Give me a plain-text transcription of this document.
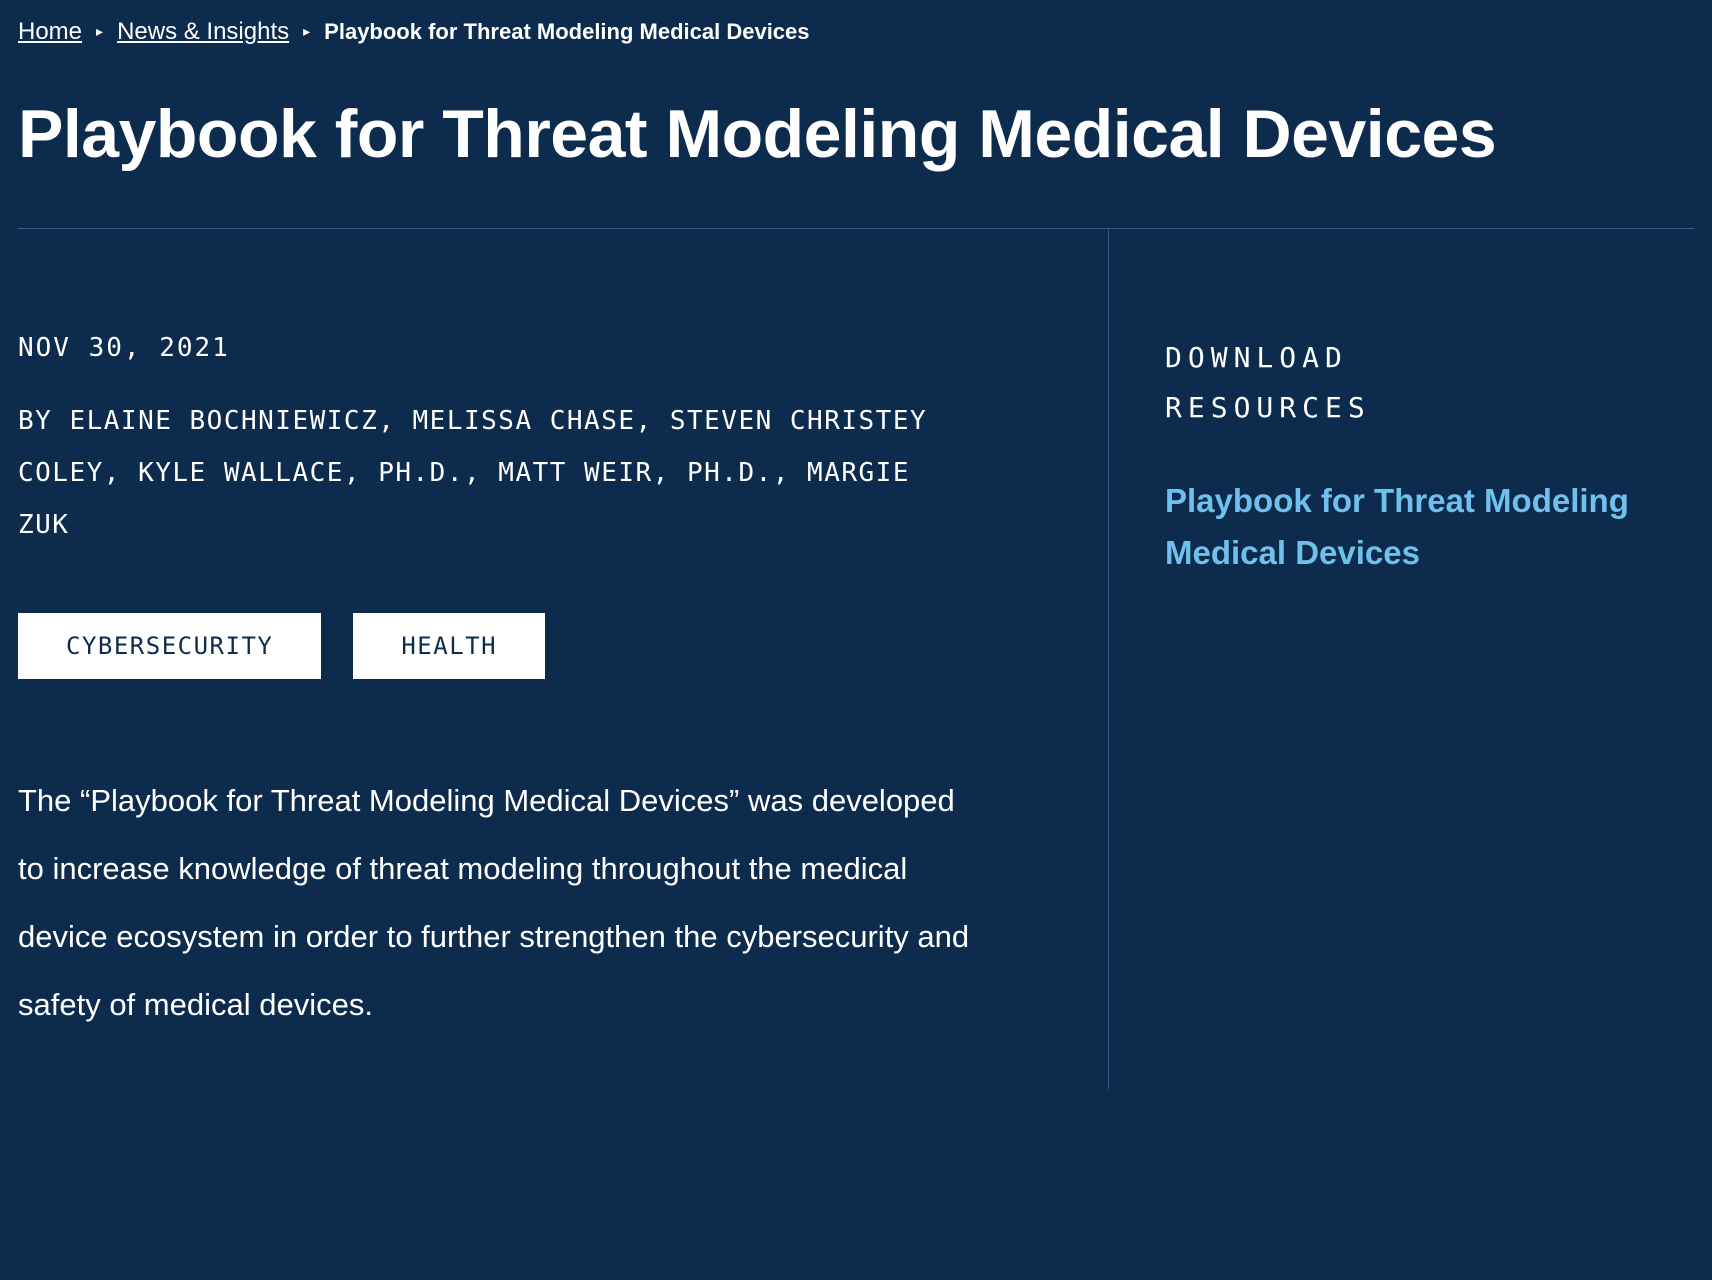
Home ▸ News & Insights ▸ Playbook for Threat Modeling Medical Devices
Playbook for Threat Modeling Medical Devices
NOV 30, 2021
BY ELAINE BOCHNIEWICZ, MELISSA CHASE, STEVEN CHRISTEY COLEY, KYLE WALLACE, PH.D., MATT WEIR, PH.D., MARGIE ZUK
CYBERSECURITY	HEALTH

The “Playbook for Threat Modeling Medical Devices” was developed to increase knowledge of threat modeling throughout the medical device ecosystem in order to further strengthen the cybersecurity and safety of medical devices.

DOWNLOAD RESOURCES
Playbook for Threat Modeling Medical Devices
